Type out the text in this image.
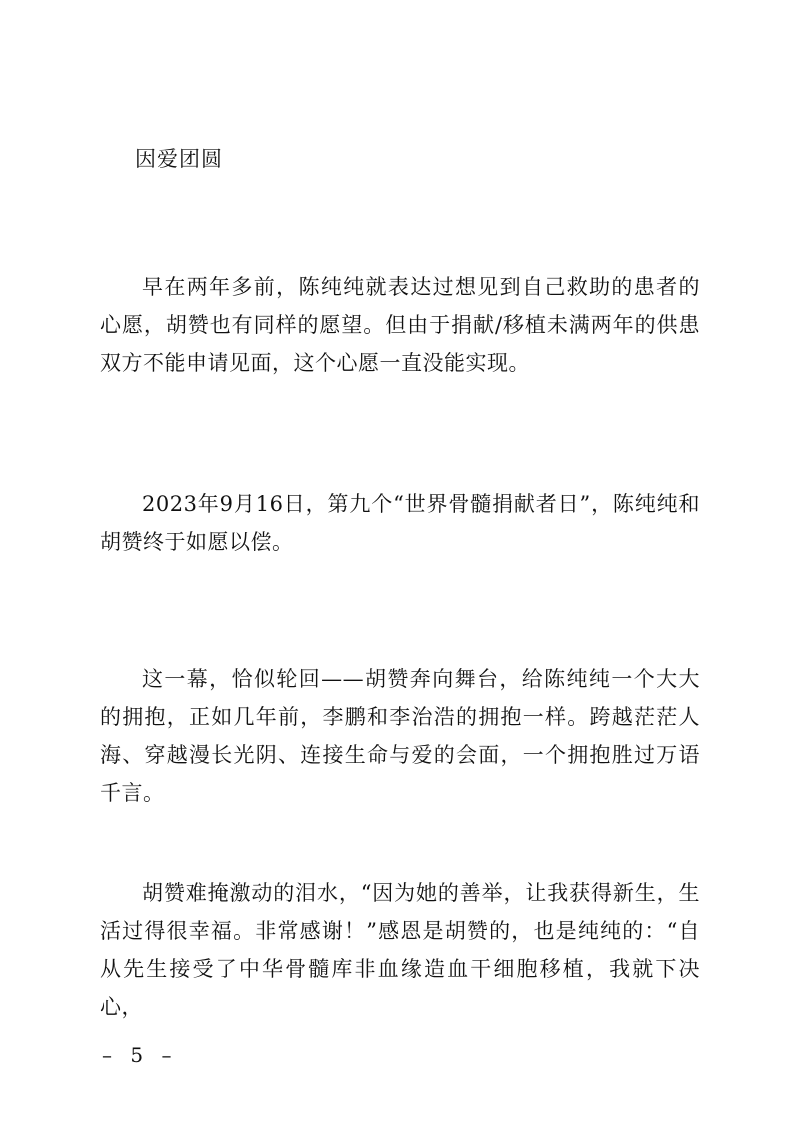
因爱团圆

早在两年多前，陈纯纯就表达过想见到自己救助的患者的心愿，胡赞也有同样的愿望。但由于捐献/移植未满两年的供患双方不能申请见面，这个心愿一直没能实现。

2023年9月16日，第九个“世界骨髓捐献者日”，陈纯纯和胡赞终于如愿以偿。

这一幕，恰似轮回——胡赞奔向舞台，给陈纯纯一个大大的拥抱，正如几年前，李鹏和李治浩的拥抱一样。跨越茫茫人海、穿越漫长光阴、连接生命与爱的会面，一个拥抱胜过万语千言。

胡赞难掩激动的泪水，“因为她的善举，让我获得新生，生活过得很幸福。非常感谢！”感恩是胡赞的，也是纯纯的：“自从先生接受了中华骨髓库非血缘造血干细胞移植，我就下决心，

– 5 –
